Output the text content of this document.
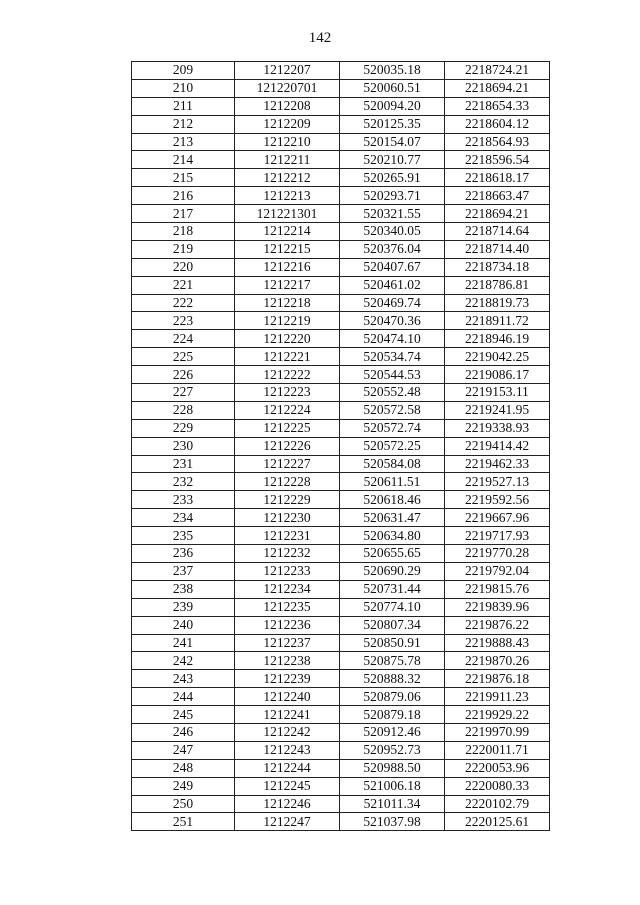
142
209	1212207	520035.18	2218724.21
210	121220701	520060.51	2218694.21
211	1212208	520094.20	2218654.33
212	1212209	520125.35	2218604.12
213	1212210	520154.07	2218564.93
214	1212211	520210.77	2218596.54
215	1212212	520265.91	2218618.17
216	1212213	520293.71	2218663.47
217	121221301	520321.55	2218694.21
218	1212214	520340.05	2218714.64
219	1212215	520376.04	2218714.40
220	1212216	520407.67	2218734.18
221	1212217	520461.02	2218786.81
222	1212218	520469.74	2218819.73
223	1212219	520470.36	2218911.72
224	1212220	520474.10	2218946.19
225	1212221	520534.74	2219042.25
226	1212222	520544.53	2219086.17
227	1212223	520552.48	2219153.11
228	1212224	520572.58	2219241.95
229	1212225	520572.74	2219338.93
230	1212226	520572.25	2219414.42
231	1212227	520584.08	2219462.33
232	1212228	520611.51	2219527.13
233	1212229	520618.46	2219592.56
234	1212230	520631.47	2219667.96
235	1212231	520634.80	2219717.93
236	1212232	520655.65	2219770.28
237	1212233	520690.29	2219792.04
238	1212234	520731.44	2219815.76
239	1212235	520774.10	2219839.96
240	1212236	520807.34	2219876.22
241	1212237	520850.91	2219888.43
242	1212238	520875.78	2219870.26
243	1212239	520888.32	2219876.18
244	1212240	520879.06	2219911.23
245	1212241	520879.18	2219929.22
246	1212242	520912.46	2219970.99
247	1212243	520952.73	2220011.71
248	1212244	520988.50	2220053.96
249	1212245	521006.18	2220080.33
250	1212246	521011.34	2220102.79
251	1212247	521037.98	2220125.61
